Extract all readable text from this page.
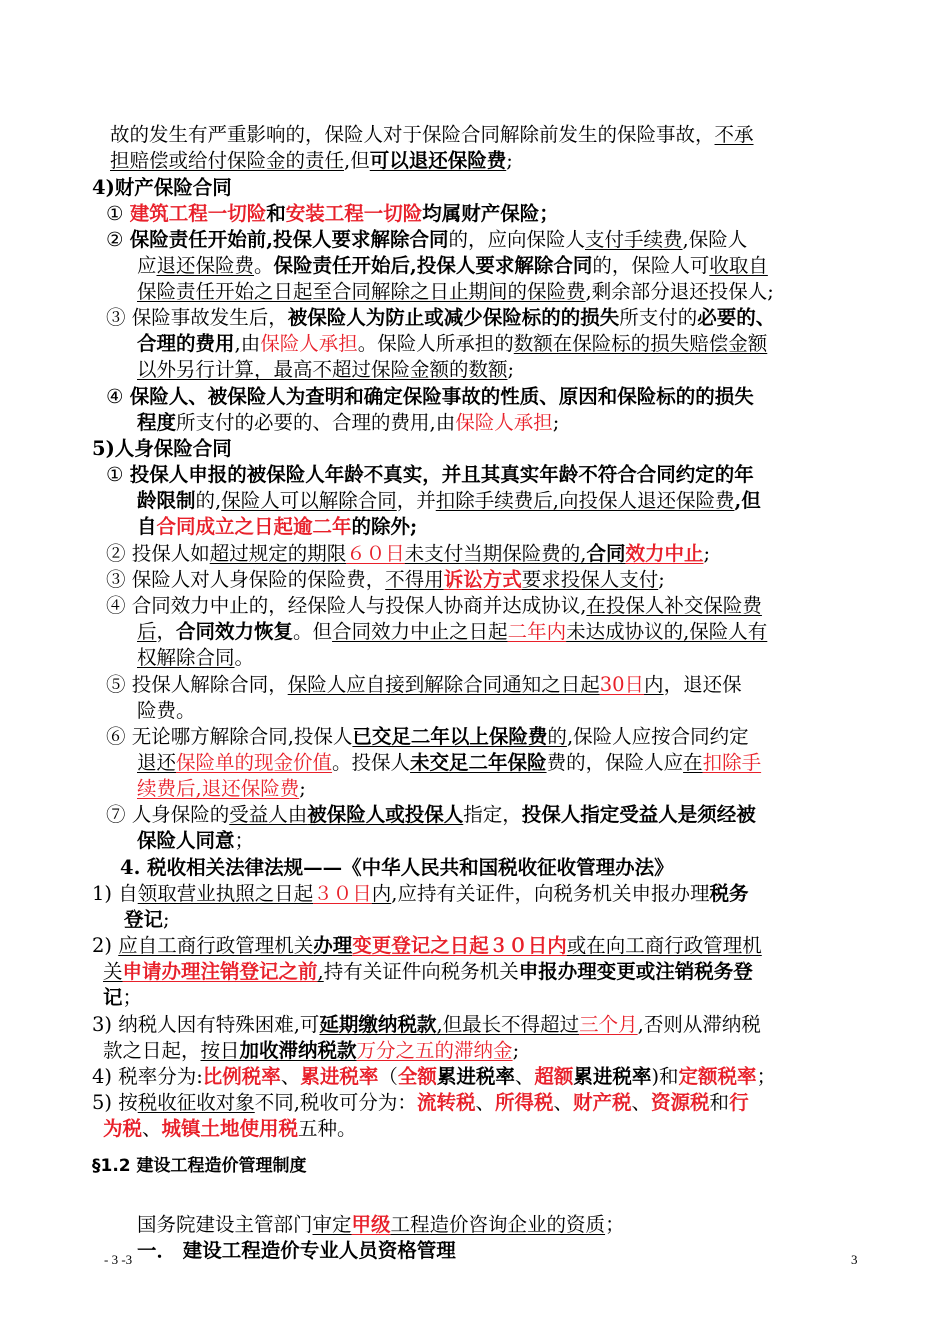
故的发生有严重影响的，保险人对于保险合同解除前发生的保险事故，不承
担赔偿或给付保险金的责任,但可以退还保险费;
4)财产保险合同
① 建筑工程一切险和安装工程一切险均属财产保险；
② 保险责任开始前,投保人要求解除合同的，应向保险人支付手续费,保险人
应退还保险费。保险责任开始后,投保人要求解除合同的，保险人可收取自
保险责任开始之日起至合同解除之日止期间的保险费,剩余部分退还投保人;
③ 保险事故发生后，被保险人为防止或减少保险标的的损失所支付的必要的、
合理的费用,由保险人承担。保险人所承担的数额在保险标的损失赔偿金额
以外另行计算，最高不超过保险金额的数额;
④ 保险人、被保险人为查明和确定保险事故的性质、原因和保险标的的损失
程度所支付的必要的、合理的费用,由保险人承担;
5)人身保险合同
① 投保人申报的被保险人年龄不真实，并且其真实年龄不符合合同约定的年
龄限制的,保险人可以解除合同，并扣除手续费后,向投保人退还保险费,但
自合同成立之日起逾二年的除外;
② 投保人如超过规定的期限６０日未支付当期保险费的,合同效力中止;
③ 保险人对人身保险的保险费，不得用诉讼方式要求投保人支付;
④ 合同效力中止的，经保险人与投保人协商并达成协议,在投保人补交保险费
后，合同效力恢复。但合同效力中止之日起二年内未达成协议的,保险人有
权解除合同。
⑤ 投保人解除合同，保险人应自接到解除合同通知之日起30日内，退还保
险费。
⑥ 无论哪方解除合同,投保人已交足二年以上保险费的,保险人应按合同约定
退还保险单的现金价值。投保人未交足二年保险费的，保险人应在扣除手
续费后,退还保险费;
⑦ 人身保险的受益人由被保险人或投保人指定，投保人指定受益人是须经被
保险人同意；
4. 税收相关法律法规——《中华人民共和国税收征收管理办法》
1) 自领取营业执照之日起３０日内,应持有关证件，向税务机关申报办理税务
登记;
2) 应自工商行政管理机关办理变更登记之日起３０日内或在向工商行政管理机
关申请办理注销登记之前,持有关证件向税务机关申报办理变更或注销税务登
记；
3) 纳税人因有特殊困难,可延期缴纳税款,但最长不得超过三个月,否则从滞纳税
款之日起，按日加收滞纳税款万分之五的滞纳金;
4) 税率分为:比例税率、累进税率（全额累进税率、超额累进税率)和定额税率；
5) 按税收征收对象不同,税收可分为：流转税、所得税、财产税、资源税和行
为税、城镇土地使用税五种。
§1.2 建设工程造价管理制度
国务院建设主管部门审定甲级工程造价咨询企业的资质；
一． 建设工程造价专业人员资格管理
- 3 -3	3
